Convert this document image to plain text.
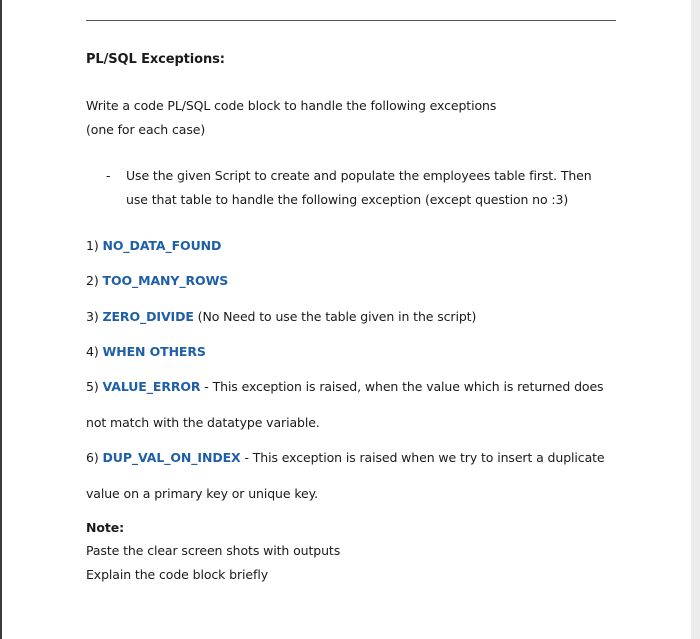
PL/SQL Exceptions:
Write a code PL/SQL code block to handle the following exceptions
(one for each case)
- Use the given Script to create and populate the employees table first. Then
use that table to handle the following exception (except question no :3)
1) NO_DATA_FOUND
2) TOO_MANY_ROWS
3) ZERO_DIVIDE (No Need to use the table given in the script)
4) WHEN OTHERS
5) VALUE_ERROR - This exception is raised, when the value which is returned does
not match with the datatype variable.
6) DUP_VAL_ON_INDEX - This exception is raised when we try to insert a duplicate
value on a primary key or unique key.
Note:
Paste the clear screen shots with outputs
Explain the code block briefly
